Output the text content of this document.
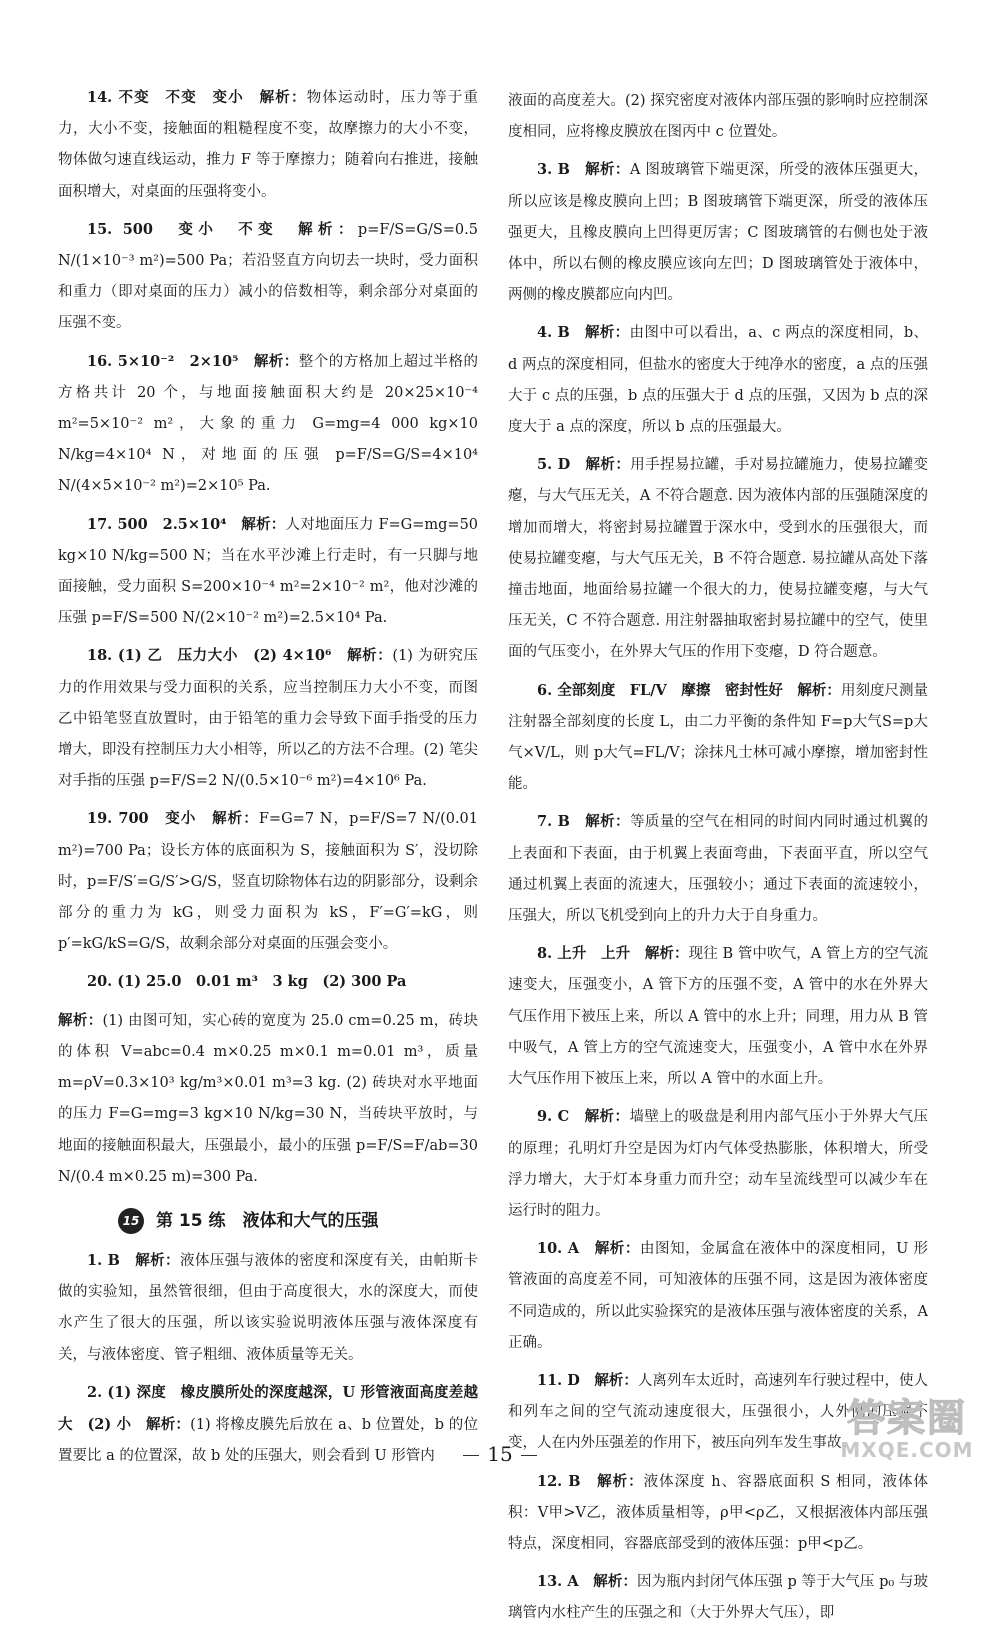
14. 不变　不变　变小　 解析：物体运动时，压力等于重力，大小不变，接触面的粗糙程度不变，故摩擦力的大小不变，物体做匀速直线运动，推力 F 等于摩擦力；随着向右推进，接触面积增大，对桌面的压强将变小。

15. 500　变小　不变　 解析：p=F/S=G/S=0.5 N/(1×10⁻³ m²)=500 Pa；若沿竖直方向切去一块时，受力面积和重力（即对桌面的压力）减小的倍数相等，剩余部分对桌面的压强不变。

16. 5×10⁻²　2×10⁵　 解析：整个的方格加上超过半格的方格共计 20 个，与地面接触面积大约是 20×25×10⁻⁴ m²=5×10⁻² m²，大象的重力 G=mg=4 000 kg×10 N/kg=4×10⁴ N，对地面的压强 p=F/S=G/S=4×10⁴ N/(4×5×10⁻² m²)=2×10⁵ Pa.

17. 500　2.5×10⁴　 解析：人对地面压力 F=G=mg=50 kg×10 N/kg=500 N；当在水平沙滩上行走时，有一只脚与地面接触，受力面积 S=200×10⁻⁴ m²=2×10⁻² m²，他对沙滩的压强 p=F/S=500 N/(2×10⁻² m²)=2.5×10⁴ Pa.

18. (1) 乙　压力大小　(2) 4×10⁶　 解析：(1) 为研究压力的作用效果与受力面积的关系，应当控制压力大小不变，而图乙中铅笔竖直放置时，由于铅笔的重力会导致下面手指受的压力增大，即没有控制压力大小相等，所以乙的方法不合理。(2) 笔尖对手指的压强 p=F/S=2 N/(0.5×10⁻⁶ m²)=4×10⁶ Pa.

19. 700　变小　 解析：F=G=7 N，p=F/S=7 N/(0.01 m²)=700 Pa；设长方体的底面积为 S，接触面积为 S′，没切除时，p=F/S′=G/S′>G/S，竖直切除物体右边的阴影部分，设剩余部分的重力为 kG，则受力面积为 kS，F′=G′=kG，则 p′=kG/kS=G/S，故剩余部分对桌面的压强会变小。

20. (1) 25.0　0.01 m³　3 kg　(2) 300 Pa

解析：(1) 由图可知，实心砖的宽度为 25.0 cm=0.25 m，砖块的体积 V=abc=0.4 m×0.25 m×0.1 m=0.01 m³，质量 m=ρV=0.3×10³ kg/m³×0.01 m³=3 kg. (2) 砖块对水平地面的压力 F=G=mg=3 kg×10 N/kg=30 N，当砖块平放时，与地面的接触面积最大，压强最小，最小的压强 p=F/S=F/ab=30 N/(0.4 m×0.25 m)=300 Pa.

15 第 15 练　液体和大气的压强

1. B　 解析：液体压强与液体的密度和深度有关，由帕斯卡做的实验知，虽然管很细，但由于高度很大，水的深度大，而使水产生了很大的压强，所以该实验说明液体压强与液体深度有关，与液体密度、管子粗细、液体质量等无关。

2. (1) 深度　橡皮膜所处的深度越深，U 形管液面高度差越大　(2) 小　 解析：(1) 将橡皮膜先后放在 a、b 位置处，b 的位置要比 a 的位置深，故 b 处的压强大，则会看到 U 形管内

液面的高度差大。(2) 探究密度对液体内部压强的影响时应控制深度相同，应将橡皮膜放在图丙中 c 位置处。

3. B　 解析：A 图玻璃管下端更深，所受的液体压强更大，所以应该是橡皮膜向上凹；B 图玻璃管下端更深，所受的液体压强更大，且橡皮膜向上凹得更厉害；C 图玻璃管的右侧也处于液体中，所以右侧的橡皮膜应该向左凹；D 图玻璃管处于液体中，两侧的橡皮膜都应向内凹。

4. B　 解析：由图中可以看出，a、c 两点的深度相同，b、d 两点的深度相同，但盐水的密度大于纯净水的密度，a 点的压强大于 c 点的压强，b 点的压强大于 d 点的压强，又因为 b 点的深度大于 a 点的深度，所以 b 点的压强最大。

5. D　 解析：用手捏易拉罐，手对易拉罐施力，使易拉罐变瘪，与大气压无关，A 不符合题意. 因为液体内部的压强随深度的增加而增大，将密封易拉罐置于深水中，受到水的压强很大，而使易拉罐变瘪，与大气压无关，B 不符合题意. 易拉罐从高处下落撞击地面，地面给易拉罐一个很大的力，使易拉罐变瘪，与大气压无关，C 不符合题意. 用注射器抽取密封易拉罐中的空气，使里面的气压变小，在外界大气压的作用下变瘪，D 符合题意。

6. 全部刻度　FL/V　摩擦　密封性好　 解析：用刻度尺测量注射器全部刻度的长度 L，由二力平衡的条件知 F=p大气S=p大气×V/L，则 p大气=FL/V；涂抹凡士林可减小摩擦，增加密封性能。

7. B　 解析：等质量的空气在相同的时间内同时通过机翼的上表面和下表面，由于机翼上表面弯曲，下表面平直，所以空气通过机翼上表面的流速大，压强较小；通过下表面的流速较小，压强大，所以飞机受到向上的升力大于自身重力。

8. 上升　上升　 解析：现往 B 管中吹气，A 管上方的空气流速变大，压强变小，A 管下方的压强不变，A 管中的水在外界大气压作用下被压上来，所以 A 管中的水上升；同理，用力从 B 管中吸气，A 管上方的空气流速变大，压强变小，A 管中水在外界大气压作用下被压上来，所以 A 管中的水面上升。

9. C　 解析：墙壁上的吸盘是利用内部气压小于外界大气压的原理；孔明灯升空是因为灯内气体受热膨胀，体积增大，所受浮力增大，大于灯本身重力而升空；动车呈流线型可以减少车在运行时的阻力。

10. A　 解析：由图知，金属盒在液体中的深度相同，U 形管液面的高度差不同，可知液体的压强不同，这是因为液体密度不同造成的，所以此实验探究的是液体压强与液体密度的关系，A 正确。

11. D　 解析：人离列车太近时，高速列车行驶过程中，使人和列车之间的空气流动速度很大，压强很小，人外侧的压强不变，人在内外压强差的作用下，被压向列车发生事故。

12. B　 解析：液体深度 h、容器底面积 S 相同，液体体积：V甲>V乙，液体质量相等，ρ甲<ρ乙，又根据液体内部压强特点，深度相同，容器底部受到的液体压强：p甲<p乙。

13. A　 解析：因为瓶内封闭气体压强 p 等于大气压 p₀ 与玻璃管内水柱产生的压强之和（大于外界大气压），即

15
答案圈
MXQE.COM
